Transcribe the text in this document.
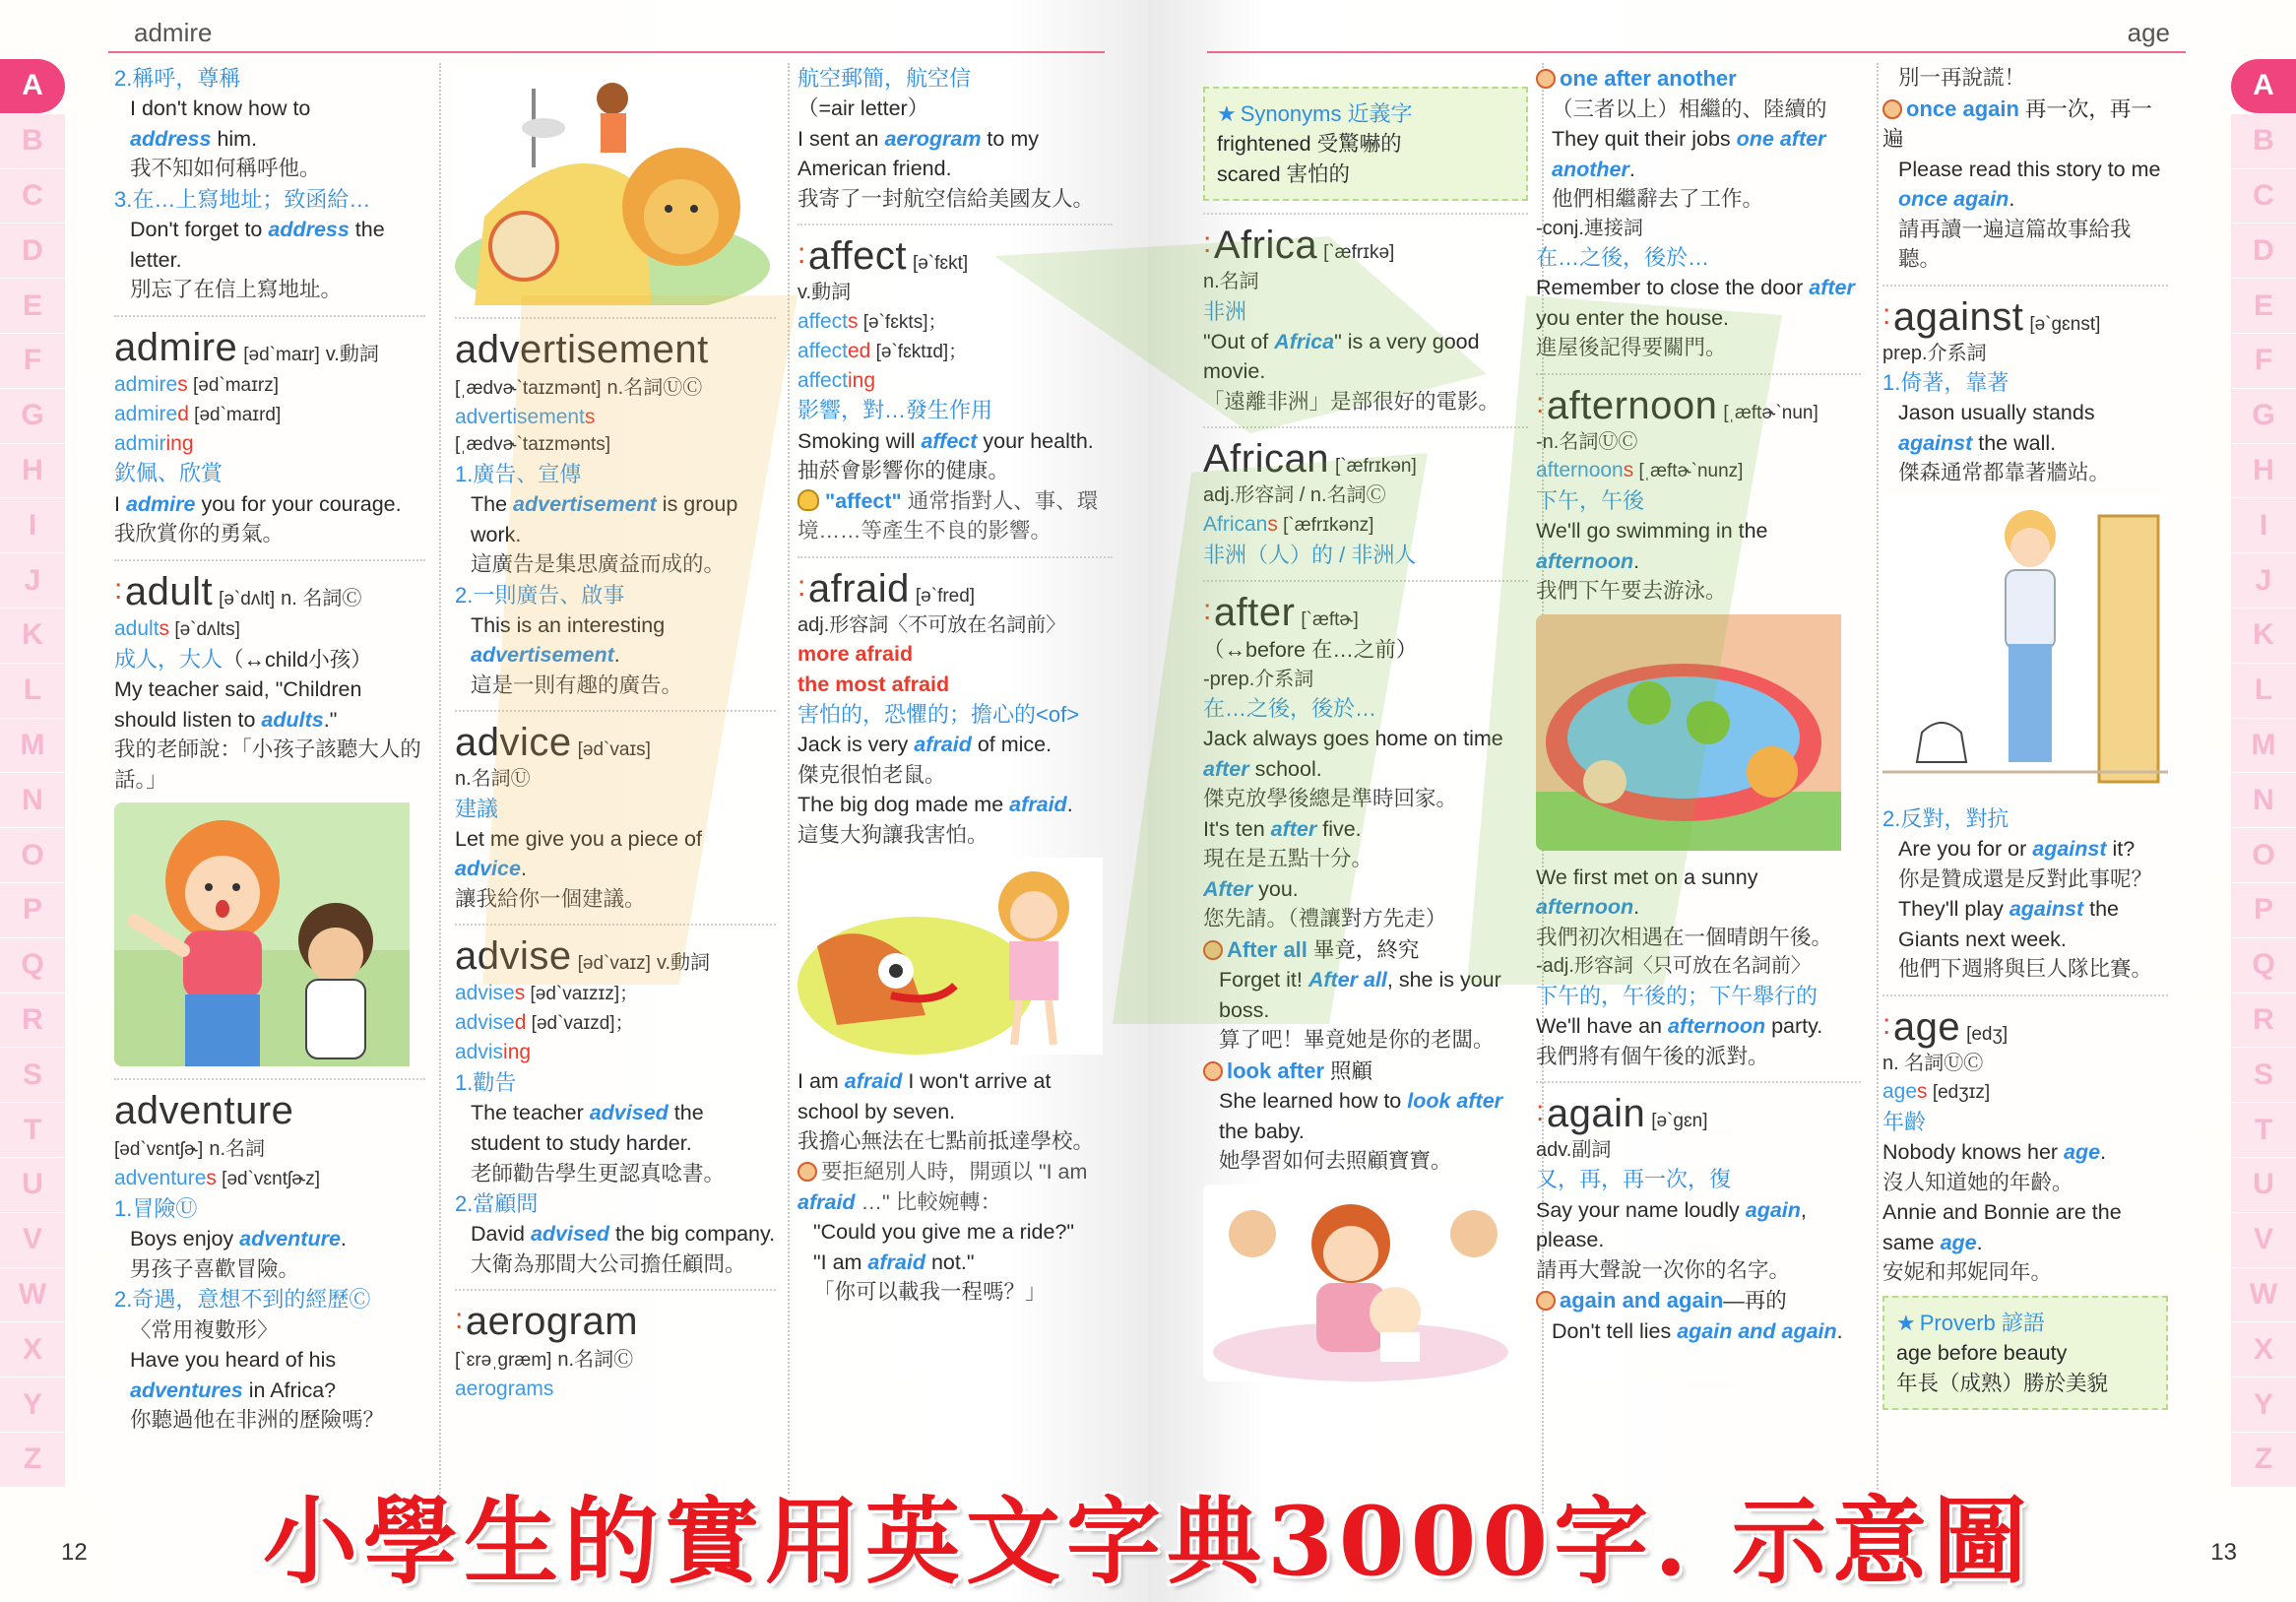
admire
A
B
C
D
E
F
G
H
I
J
K
L
M
N
O
P
Q
R
S
T
U
V
W
X
Y
Z
2.稱呼，尊稱
I don't know how to
address him.
我不知如何稱呼他。
3.在…上寫地址；致函給…
Don't forget to address the letter.
別忘了在信上寫地址。
admire [əd`maɪr] v.動詞
admires [əd`maɪrz]
admired [əd`maɪrd]
admiring
欽佩、欣賞
I admire you for your courage.
我欣賞你的勇氣。
: adult [ə`dʌlt] n. 名詞Ⓒ
adults [ə`dʌlts]
成人，大人（↔child小孩）
My teacher said, "Children should listen to adults."
我的老師說：「小孩子該聽大人的話。」
adventure
[əd`vɛntʃɚ] n.名詞
adventures [əd`vɛntʃɚz]
1.冒險Ⓤ
Boys enjoy adventure.
男孩子喜歡冒險。
2.奇遇，意想不到的經歷Ⓒ
〈常用複數形〉
Have you heard of his adventures in Africa?
你聽過他在非洲的歷險嗎？
advertisement
[ˌædvɚ`taɪzmənt] n.名詞ⓊⒸ
advertisements
[ˌædvɚ`taɪzmənts]
1.廣告、宣傳
The advertisement is group work.
這廣告是集思廣益而成的。
2.一則廣告、啟事
This is an interesting advertisement.
這是一則有趣的廣告。
advice [əd`vaɪs]
n.名詞Ⓤ
建議
Let me give you a piece of advice.
讓我給你一個建議。
advise [əd`vaɪz] v.動詞
advises [əd`vaɪzɪz]；
advised [əd`vaɪzd]；
advising
1.勸告
The teacher advised the student to study harder.
老師勸告學生更認真唸書。
2.當顧問
David advised the big company.
大衛為那間大公司擔任顧問。
: aerogram
[`ɛrəˌgræm] n.名詞Ⓒ
aerograms
航空郵簡，航空信
（=air letter）
I sent an aerogram to my American friend.
我寄了一封航空信給美國友人。
: affect [ə`fɛkt]
v.動詞
affects [ə`fɛkts]；
affected [ə`fɛktɪd]；
affecting
影響，對…發生作用
Smoking will affect your health.
抽菸會影響你的健康。
"affect" 通常指對人、事、環境……等產生不良的影響。
: afraid [ə`fred]
adj.形容詞〈不可放在名詞前〉
more afraid
the most afraid
害怕的，恐懼的；擔心的<of>
Jack is very afraid of mice.
傑克很怕老鼠。
The big dog made me afraid.
這隻大狗讓我害怕。
I am afraid I won't arrive at school by seven.
我擔心無法在七點前抵達學校。
要拒絕別人時，開頭以 "I am afraid …" 比較婉轉：
"Could you give me a ride?"
"I am afraid not."
「你可以載我一程嗎？」
12
age
A
B
C
D
E
F
G
H
I
J
K
L
M
N
O
P
Q
R
S
T
U
V
W
X
Y
Z
★ Synonyms 近義字
frightened 受驚嚇的
scared 害怕的
: Africa [`æfrɪkə]
n.名詞
非洲
"Out of Africa" is a very good movie.
「遠離非洲」是部很好的電影。
African [`æfrɪkən]
adj.形容詞 / n.名詞Ⓒ
Africans [`æfrɪkənz]
非洲（人）的 / 非洲人
: after [`æftɚ]
（↔before 在…之前）
-prep.介系詞
在…之後，後於…
Jack always goes home on time after school.
傑克放學後總是準時回家。
It's ten after five.
現在是五點十分。
After you.
您先請。（禮讓對方先走）
After all 畢竟，終究
Forget it! After all, she is your boss.
算了吧！畢竟她是你的老闆。
look after 照顧
She learned how to look after the baby.
她學習如何去照顧寶寶。
one after another
（三者以上）相繼的、陸續的
They quit their jobs one after another.
他們相繼辭去了工作。
-conj.連接詞
在…之後，後於…
Remember to close the door after you enter the house.
進屋後記得要關門。
: afternoon [ˌæftɚ`nun]
-n.名詞ⓊⒸ
afternoons [ˌæftɚ`nunz]
下午，午後
We'll go swimming in the afternoon.
我們下午要去游泳。
We first met on a sunny afternoon.
我們初次相遇在一個晴朗午後。
-adj.形容詞〈只可放在名詞前〉
下午的，午後的；下午舉行的
We'll have an afternoon party.
我們將有個午後的派對。
: again [ə`gɛn]
adv.副詞
又，再，再一次，復
Say your name loudly again, please.
請再大聲說一次你的名字。
again and again—再的
Don't tell lies again and again.
別一再說謊！
once again 再一次，再一遍
Please read this story to me once again.
請再讀一遍這篇故事給我聽。
: against [ə`gɛnst]
prep.介系詞
1.倚著，靠著
Jason usually stands against the wall.
傑森通常都靠著牆站。
2.反對，對抗
Are you for or against it?
你是贊成還是反對此事呢？
They'll play against the Giants next week.
他們下週將與巨人隊比賽。
: age [edʒ]
n. 名詞ⓊⒸ
ages [edʒɪz]
年齡
Nobody knows her age.
沒人知道她的年齡。
Annie and Bonnie are the same age.
安妮和邦妮同年。
★ Proverb 諺語
age before beauty
年長（成熟）勝於美貌
13
小學生的實用英文字典3000字. 示意圖
